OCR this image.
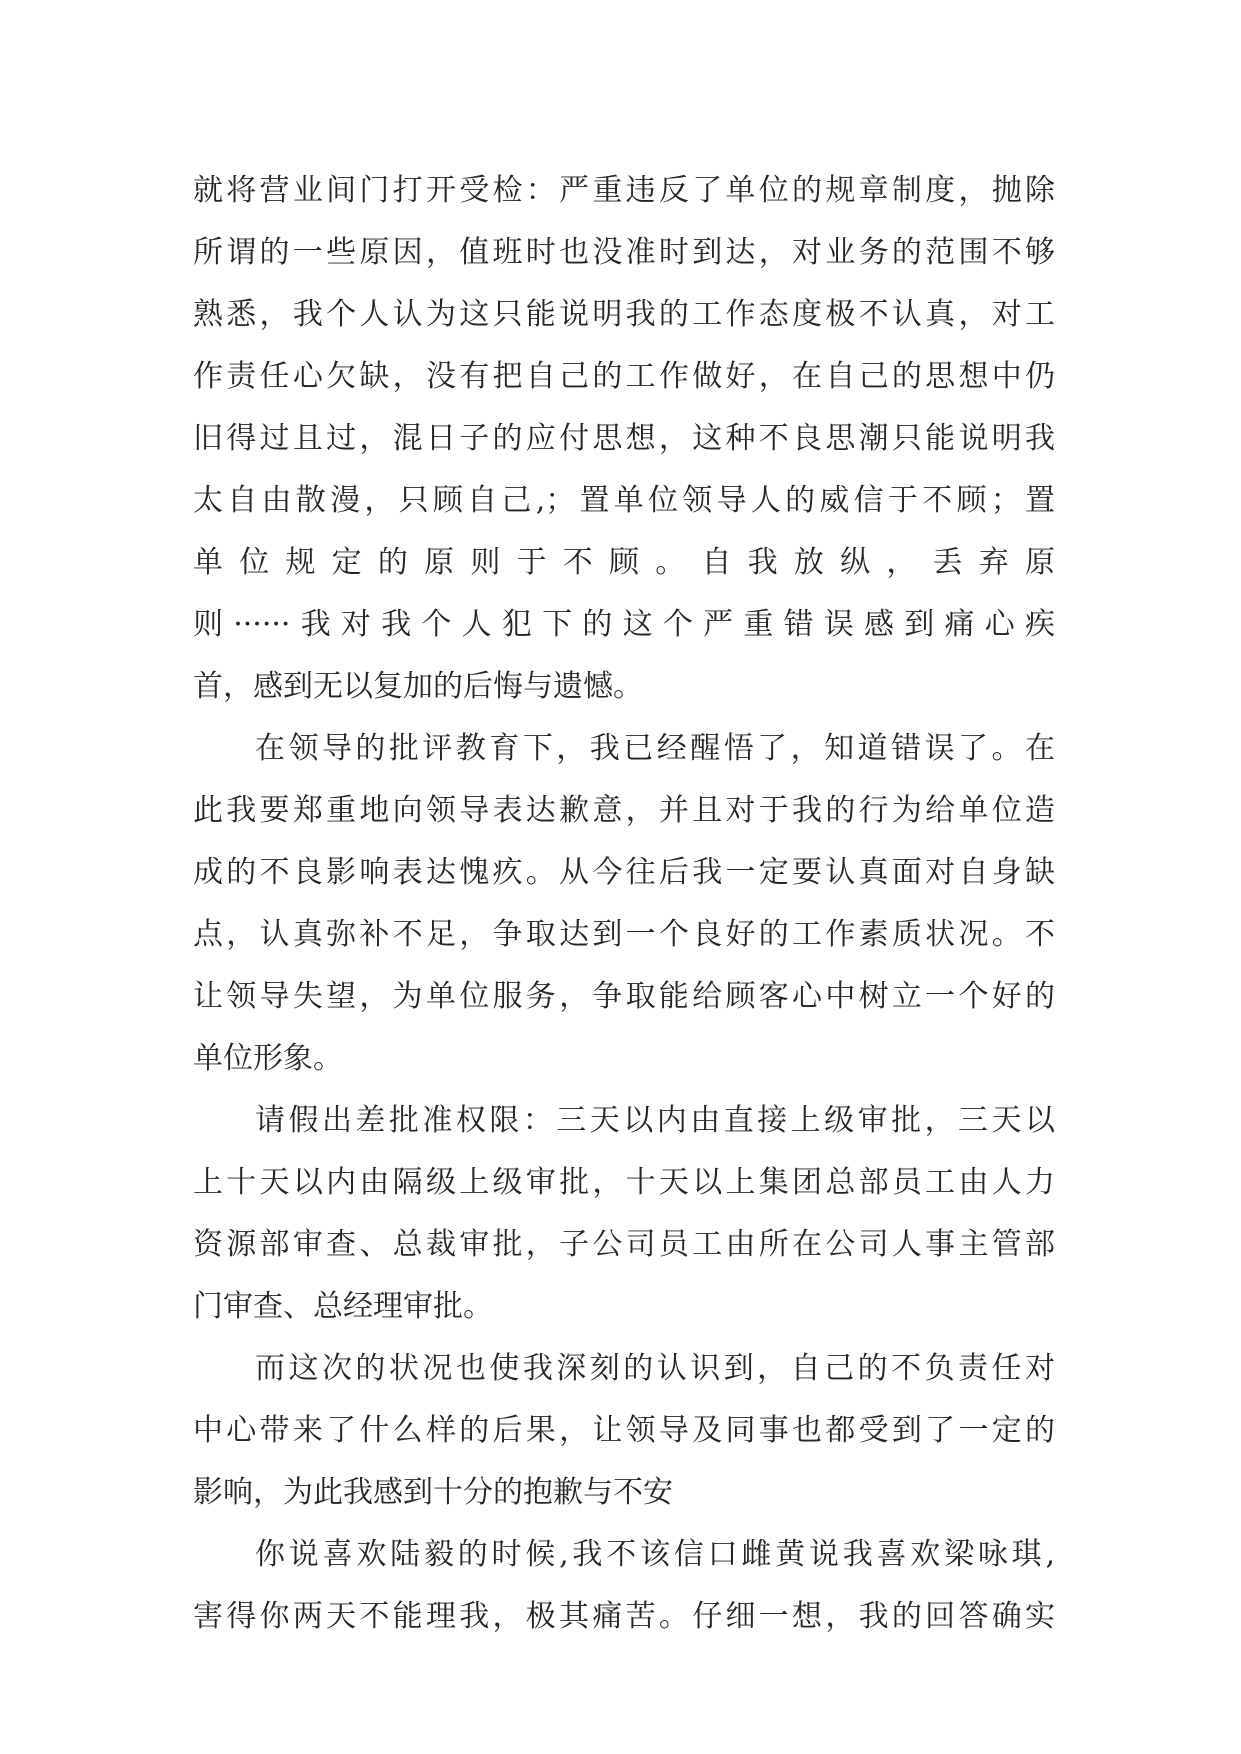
就将营业间门打开受检：严重违反了单位的规章制度，抛除
所谓的一些原因，值班时也没准时到达，对业务的范围不够
熟悉，我个人认为这只能说明我的工作态度极不认真，对工
作责任心欠缺，没有把自己的工作做好，在自己的思想中仍
旧得过且过，混日子的应付思想，这种不良思潮只能说明我
太自由散漫，只顾自己,；置单位领导人的威信于不顾；置
单位规定的原则于不顾。自我放纵，丢弃原
则······我对我个人犯下的这个严重错误感到痛心疾
首，感到无以复加的后悔与遗憾。
在领导的批评教育下，我已经醒悟了，知道错误了。在
此我要郑重地向领导表达歉意，并且对于我的行为给单位造
成的不良影响表达愧疚。从今往后我一定要认真面对自身缺
点，认真弥补不足，争取达到一个良好的工作素质状况。不
让领导失望，为单位服务，争取能给顾客心中树立一个好的
单位形象。
请假出差批准权限：三天以内由直接上级审批，三天以
上十天以内由隔级上级审批，十天以上集团总部员工由人力
资源部审查、总裁审批，子公司员工由所在公司人事主管部
门审查、总经理审批。
而这次的状况也使我深刻的认识到，自己的不负责任对
中心带来了什么样的后果，让领导及同事也都受到了一定的
影响，为此我感到十分的抱歉与不安
你说喜欢陆毅的时候,我不该信口雌黄说我喜欢梁咏琪,
害得你两天不能理我，极其痛苦。仔细一想，我的回答确实
